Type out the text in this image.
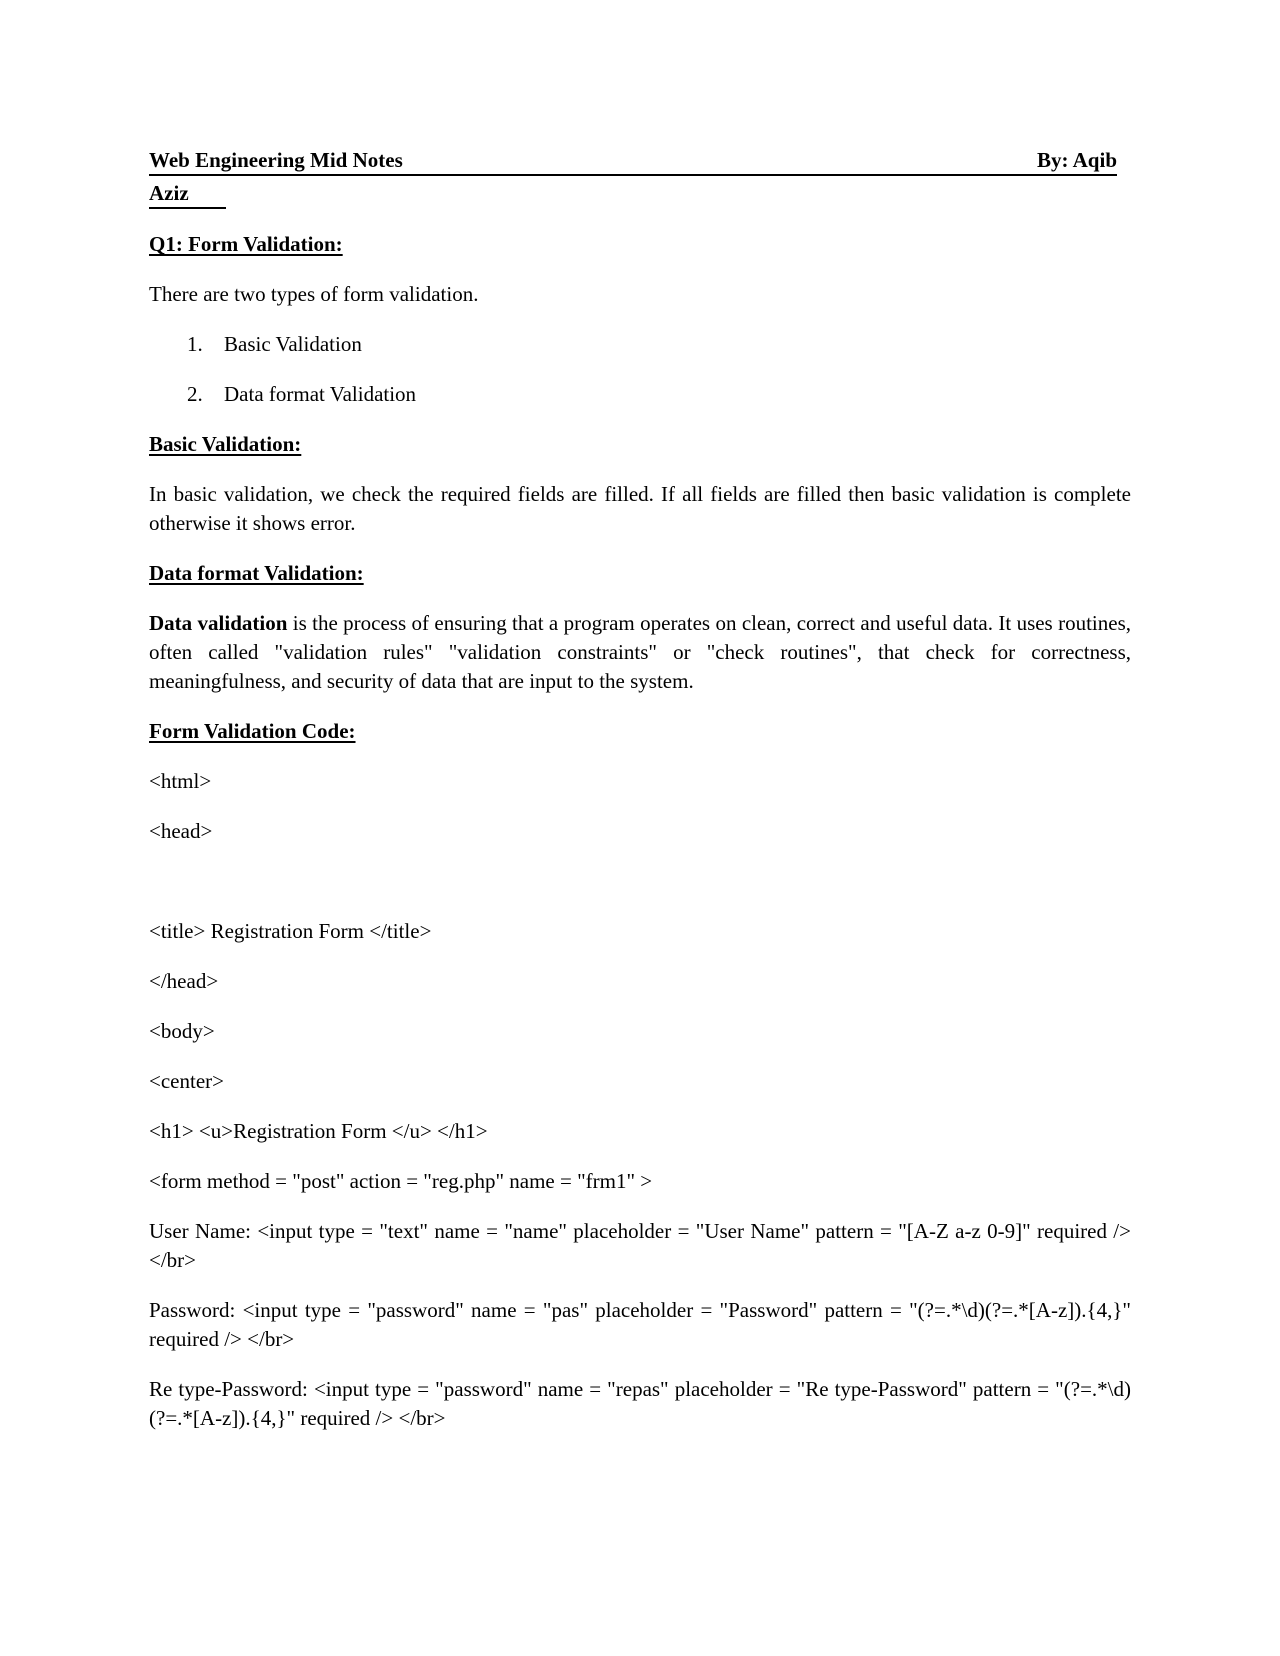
Web Engineering Mid Notes	By: Aqib
Aziz

Q1: Form Validation:

There are two types of form validation.

1. Basic Validation
2. Data format Validation

Basic Validation:

In basic validation, we check the required fields are filled. If all fields are filled then basic validation is complete otherwise it shows error.

Data format Validation:

Data validation is the process of ensuring that a program operates on clean, correct and useful data. It uses routines, often called "validation rules" "validation constraints" or "check routines", that check for correctness, meaningfulness, and security of data that are input to the system.

Form Validation Code:

<html>

<head>

<title> Registration Form </title>

</head>

<body>

<center>

<h1> <u>Registration Form </u> </h1>

<form method = "post" action = "reg.php" name = "frm1" >

User Name: <input type = "text" name = "name" placeholder = "User Name" pattern = "[A-Z a-z 0-9]" required /> </br>

Password: <input type = "password" name = "pas" placeholder = "Password" pattern = "(?=.*\d)(?=.*[A-z]).{4,}" required /> </br>

Re type-Password: <input type = "password" name = "repas" placeholder = "Re type-Password" pattern = "(?=.*\d)(?=.*[A-z]).{4,}" required /> </br>
